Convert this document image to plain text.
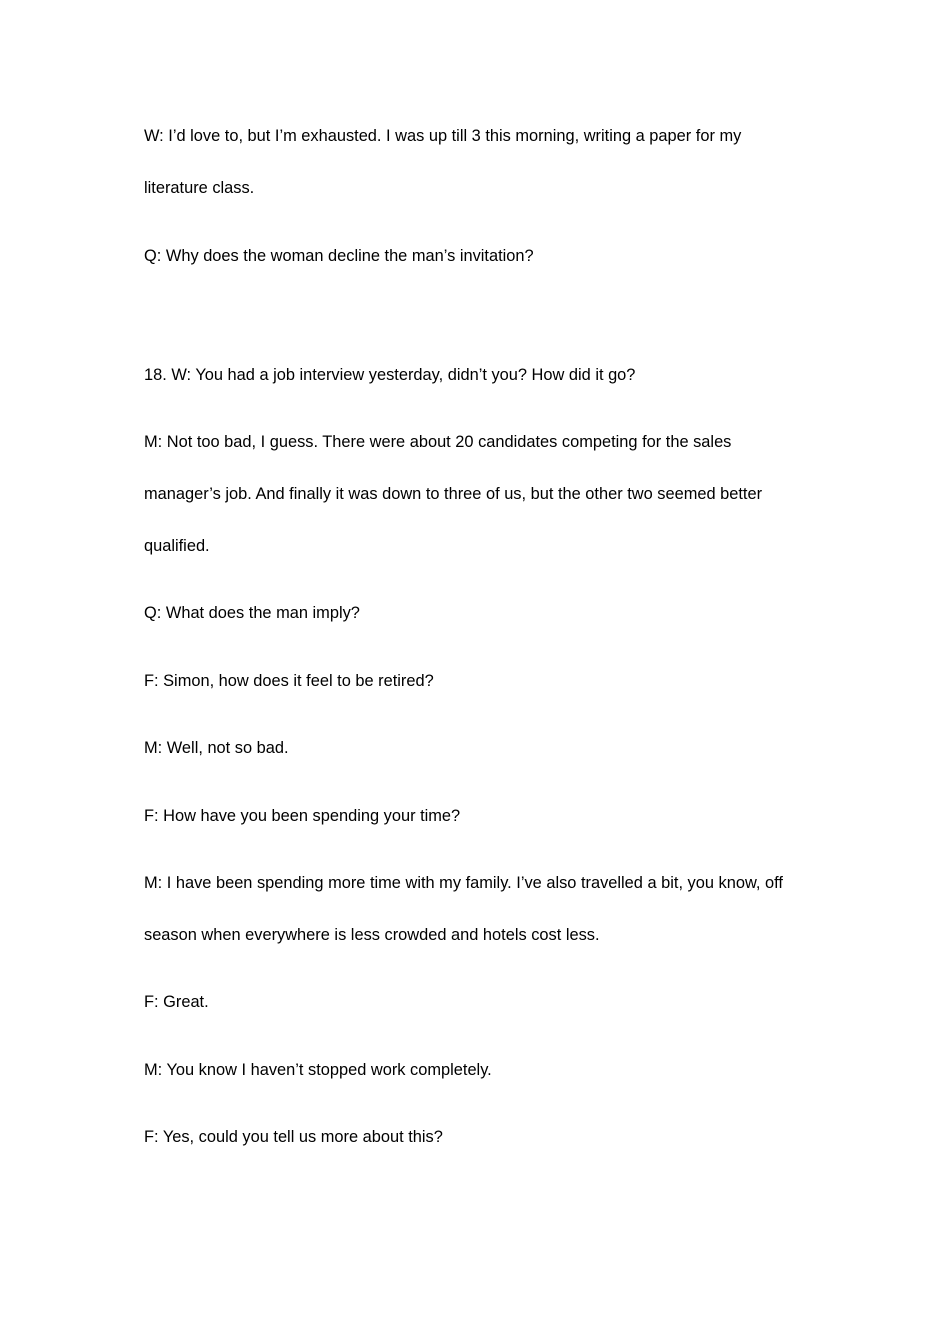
W: I’d love to, but I’m exhausted. I was up till 3 this morning, writing a paper for my
literature class.
Q: Why does the woman decline the man’s invitation?
18. W: You had a job interview yesterday, didn’t you? How did it go?
M: Not too bad, I guess. There were about 20 candidates competing for the sales
manager’s job. And finally it was down to three of us, but the other two seemed better
qualified.
Q: What does the man imply?
F: Simon, how does it feel to be retired?
M: Well, not so bad.
F: How have you been spending your time?
M: I have been spending more time with my family. I’ve also travelled a bit, you know, off
season when everywhere is less crowded and hotels cost less.
F: Great.
M: You know I haven’t stopped work completely.
F: Yes, could you tell us more about this?
